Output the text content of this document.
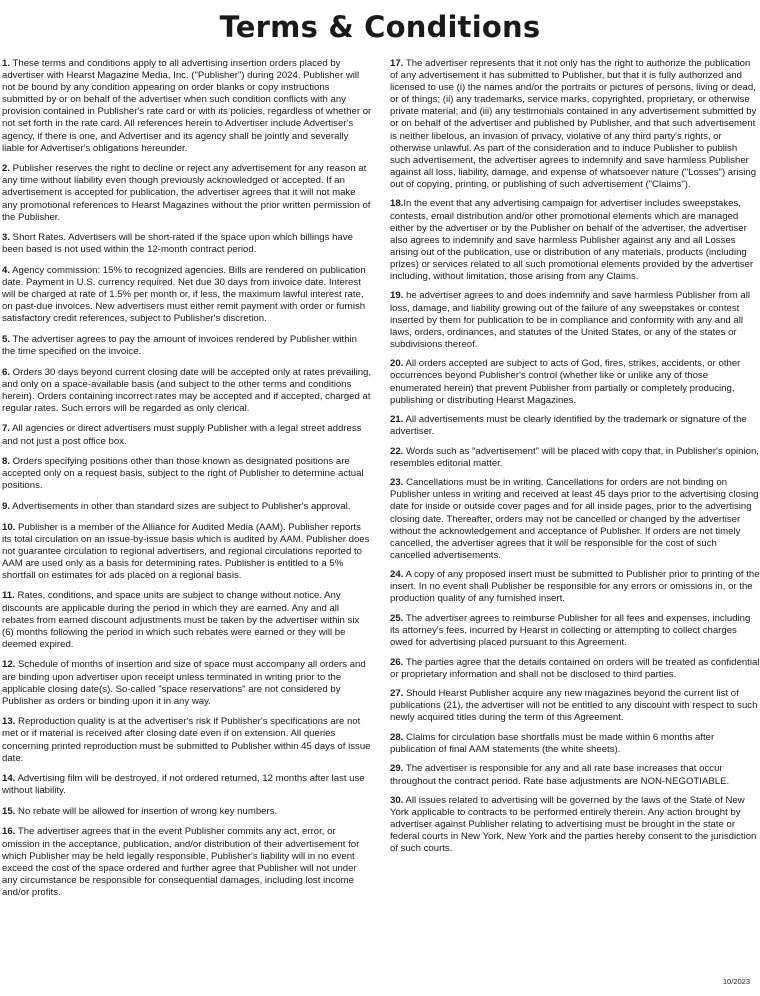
Terms & Conditions

1. These terms and conditions apply to all advertising insertion orders placed by advertiser with Hearst Magazine Media, Inc. ("Publisher") during 2024. Publisher will not be bound by any condition appearing on order blanks or copy instructions submitted by or on behalf of the advertiser when such condition conflicts with any provision contained in Publisher's rate card or with its policies, regardless of whether or not set forth in the rate card. All references herein to Advertiser include Advertiser's agency, if there is one, and Advertiser and its agency shall be jointly and severally liable for Advertiser's obligations hereunder.

2. Publisher reserves the right to decline or reject any advertisement for any reason at any time without liability even though previously acknowledged or accepted. If an advertisement is accepted for publication, the advertiser agrees that it will not make any promotional references to Hearst Magazines without the prior written permission of the Publisher.

3. Short Rates. Advertisers will be short-rated if the space upon which billings have been based is not used within the 12-month contract period.

4. Agency commission: 15% to recognized agencies. Bills are rendered on publication date. Payment in U.S. currency required. Net due 30 days from invoice date. Interest will be charged at rate of 1.5% per month or, if less, the maximum lawful interest rate, on past-due invoices. New advertisers must either remit payment with order or furnish satisfactory credit references, subject to Publisher's discretion.

5. The advertiser agrees to pay the amount of invoices rendered by Publisher within the time specified on the invoice.

6. Orders 30 days beyond current closing date will be accepted only at rates prevailing, and only on a space-available basis (and subject to the other terms and conditions herein). Orders containing incorrect rates may be accepted and if accepted, charged at regular rates. Such errors will be regarded as only clerical.

7. All agencies or direct advertisers must supply Publisher with a legal street address and not just a post office box.

8. Orders specifying positions other than those known as designated positions are accepted only on a request basis, subject to the right of Publisher to determine actual positions.

9. Advertisements in other than standard sizes are subject to Publisher's approval.

10. Publisher is a member of the Alliance for Audited Media (AAM). Publisher reports its total circulation on an issue-by-issue basis which is audited by AAM. Publisher does not guarantee circulation to regional advertisers, and regional circulations reported to AAM are used only as a basis for determining rates. Publisher is entitled to a 5% shortfall on estimates for ads placed on a regional basis.

11. Rates, conditions, and space units are subject to change without notice. Any discounts are applicable during the period in which they are earned. Any and all rebates from earned discount adjustments must be taken by the advertiser within six (6) months following the period in which such rebates were earned or they will be deemed expired.

12. Schedule of months of insertion and size of space must accompany all orders and are binding upon advertiser upon receipt unless terminated in writing prior to the applicable closing date(s). So-called "space reservations" are not considered by Publisher as orders or binding upon it in any way.

13. Reproduction quality is at the advertiser's risk if Publisher's specifications are not met or if material is received after closing date even if on extension. All queries concerning printed reproduction must be submitted to Publisher within 45 days of issue date.

14. Advertising film will be destroyed, if not ordered returned, 12 months after last use without liability.

15. No rebate will be allowed for insertion of wrong key numbers.

16. The advertiser agrees that in the event Publisher commits any act, error, or omission in the acceptance, publication, and/or distribution of their advertisement for which Publisher may be held legally responsible, Publisher's liability will in no event exceed the cost of the space ordered and further agree that Publisher will not under any circumstance be responsible for consequential damages, including lost income and/or profits.

17. The advertiser represents that it not only has the right to authorize the publication of any advertisement it has submitted to Publisher, but that it is fully authorized and licensed to use (i) the names and/or the portraits or pictures of persons, living or dead, or of things; (ii) any trademarks, service marks, copyrighted, proprietary, or otherwise private material; and (iii) any testimonials contained in any advertisement submitted by or on behalf of the advertiser and published by Publisher, and that such advertisement is neither libelous, an invasion of privacy, violative of any third party's rights, or otherwise unlawful. As part of the consideration and to induce Publisher to publish such advertisement, the advertiser agrees to indemnify and save harmless Publisher against all loss, liability, damage, and expense of whatsoever nature ("Losses") arising out of copying, printing, or publishing of such advertisement ("Claims").

18.In the event that any advertising campaign for advertiser includes sweepstakes, contests, email distribution and/or other promotional elements which are managed either by the advertiser or by the Publisher on behalf of the advertiser, the advertiser also agrees to indemnify and save harmless Publisher against any and all Losses arising out of the publication, use or distribution of any materials, products (including prizes) or services related to all such promotional elements provided by the advertiser including, without limitation, those arising from any Claims.

19. he advertiser agrees to and does indemnify and save harmless Publisher from all loss, damage, and liability growing out of the failure of any sweepstakes or contest inserted by them for publication to be in compliance and conformity with any and all laws, orders, ordinances, and statutes of the United States, or any of the states or subdivisions thereof.

20. All orders accepted are subject to acts of God, fires, strikes, accidents, or other occurrences beyond Publisher's control (whether like or unlike any of those enumerated herein) that prevent Publisher from partially or completely producing, publishing or distributing Hearst Magazines.

21. All advertisements must be clearly identified by the trademark or signature of the advertiser.

22. Words such as "advertisement" will be placed with copy that, in Publisher's opinion, resembles editorial matter.

23. Cancellations must be in writing. Cancellations for orders are not binding on Publisher unless in writing and received at least 45 days prior to the advertising closing date for inside or outside cover pages and for all inside pages, prior to the advertising closing date. Thereafter, orders may not be cancelled or changed by the advertiser without the acknowledgement and acceptance of Publisher. If orders are not timely cancelled, the advertiser agrees that it will be responsible for the cost of such cancelled advertisements.

24. A copy of any proposed insert must be submitted to Publisher prior to printing of the insert. In no event shall Publisher be responsible for any errors or omissions in, or the production quality of any furnished insert.

25. The advertiser agrees to reimburse Publisher for all fees and expenses, including its attorney's fees, incurred by Hearst in collecting or attempting to collect charges owed for advertising placed pursuant to this Agreement.

26. The parties agree that the details contained on orders will be treated as confidential or proprietary information and shall not be disclosed to third parties.

27. Should Hearst Publisher acquire any new magazines beyond the current list of publications (21), the advertiser will not be entitled to any discount with respect to such newly acquired titles during the term of this Agreement.

28. Claims for circulation base shortfalls must be made within 6 months after publication of final AAM statements (the white sheets).

29. The advertiser is responsible for any and all rate base increases that occur throughout the contract period. Rate base adjustments are NON-NEGOTIABLE.

30. All issues related to advertising will be governed by the laws of the State of New York applicable to contracts to be performed entirely therein. Any action brought by advertiser against Publisher relating to advertising must be brought in the state or federal courts in New York, New York and the parties hereby consent to the jurisdiction of such courts.

10/2023
